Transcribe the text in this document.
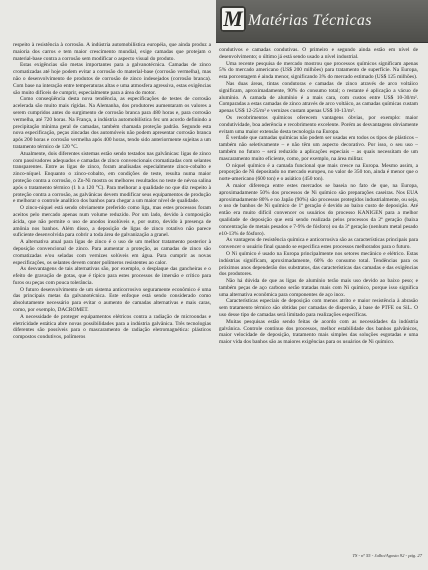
M Matérias Técnicas

respeito à resistência à corrosão. A indústria automobilística européia, que ainda produz a maioria dos carros e tem maior crescimento mundial, exige camadas que protejam o material-base contra a corrosão sem modificar o aspecto visual do produto.

Estas exigências são metas importantes para a galvanotécnica. Camadas de zinco cromatizadas até hoje podem evitar a corrosão do material-base (corrosão vermelha), mas não o desenvolvimento de produtos de corrosão de zinco indesejados (corrosão branca). Com base na interação entre temperaturas altas e uma atmosfera agressiva, estas exigências são muito difíceis de cumprir, especialmente para a área do motor.

Como conseqüência desta nova tendência, as especificações de testes de corrosão acelerada são muito mais rígidas. Na Alemanha, dos produtores aumentaram os valores a serem cumpridos antes do surgimento de corrosão branca para 480 horas e, para corrosão vermelha, até 720 horas. Na França, a indústria automobilística fez um acordo definindo a precipitação mínima geral de camadas, também chamada proteção padrão. Segundo esta nova especificação, peças zincadas dos automóveis não podem apresentar corrosão branca após 200 horas e corrosão vermelha após 400 horas, tendo sido anteriormente sujeitas a um tratamento térmico de 120 °C.

Atualmente, dois diferentes sistemas estão sendo testados nas galvânicas: ligas de zinco com passivadores adequados e camadas de zinco convencionais cromatizadas com selantes transparentes. Entre as ligas de zinco, foram analisadas especialmente zinco-cobalto e zinco-níquel. Enquanto o zinco-cobalto, em condições de teste, resulta numa maior proteção contra a corrosão, o Zn-Ni mostra os melhores resultados no teste de névoa salina após o tratamento térmico (1 h a 120 °C). Para melhorar a qualidade no que diz respeito à proteção contra a corrosão, as galvânicas devem modificar seus equipamentos de produção e melhorar o controle analítico dos banhos para chegar a um maior nível de qualidade.

O zinco-níquel está sendo obviamente preferido como liga, mas estes processos foram aceitos pelo mercado apenas num volume reduzido. Por um lado, devido à composição ácida, que não permite o uso de anodos insolúveis e, por outro, devido à presença de amônia nos banhos. Além disso, a deposição de ligas de zinco rotativo não parece suficiente desenvolvida para cobrir a toda área de galvanização a granel.

A alternativa atual para ligas de zinco é o uso de um melhor tratamento posterior à deposição convencional de zinco. Para aumentar a proteção, as camadas de zinco são cromatizadas e/ou seladas com vernizes solúveis em água. Para cumprir as novas especificações, os selantes devem conter polímeros resistentes ao calor.

As desvantagens de tais alternativas são, por exemplo, o desplaque das gancheiras e o efeito de gravação de gotas, que é típico para estes processos de imersão e crítico para furos ou peças com pouca tolerância.

O futuro desenvolvimento de um sistema anticorrosivo seguramente econômico é uma das principais metas da galvanotécnica. Este enfoque está sendo considerado como absolutamente necessário para evitar o aumento de camadas alternativas e mais caras, como, por exemplo, DACROMET.

A necessidade de proteger equipamentos elétricos contra a radiação de microondas e eletricidade estática abre novas possibilidades para a indústria galvânica. Três tecnologias diferentes são possíveis para o mascaramento de radiação eletromagnética: plásticos compostos condutivos, polímeros

condutivos e camadas condutivas. O primeiro e segundo ainda estão em nível de desenvolvimento; o último já está sendo usado a nível industrial.

Uma recente pesquisa de mercado mostrou que processos químicos significam apenas 5% do mercado americano (US$ 200 milhões) para tratamento de superfície. Na Europa, esta porcentagem é ainda menor, significando 3% do mercado estimado (US$ 125 milhões).

Nas duas áreas, tintas condutoras e camadas de zinco através de arco voltáico significam, aproximadamente, 90% do consumo total; o restante é aplicação a vácuo de alumínio. A camada de alumínio é a mais cara, com custos entre US$ 10-30/m². Comparadas a estas camadas de zinco através de arco voltáico, as camadas químicas custam apenas US$ 12-25/m² e vernizes custam apenas US$ 10-13/m².

Os recobrimentos químicos oferecem vantagens óbvias, por exemplo: maior condutividade, boa aderência e recobrimento excelente. Porém as desvantagens obviamente evitam uma maior extensão desta tecnologia na Europa.

É verdade que camadas químicas não podem ser usadas em todos os tipos de plásticos – também não seletivamente – e não têm um aspecto decorativo. Por isso, o seu uso – também no futuro – será reduzido a aplicações especiais – as quais necessitam de um mascaramento muito eficiente, como, por exemplo, na área militar.

O níquel químico é a camada funcional que mais cresce na Europa. Mesmo assim, a proporção de Ni depositado no mercado europeu, no valor de 350 ton, ainda é menor que o norte-americano (600 ton) e o asiático (450 ton).

A maior diferença entre estes mercados se baseia no fato de que, na Europa, aproximadamente 50% dos processos de Ni químico são preparações caseiras. Nos EUA aproximadamente 80% e no Japão (90%) são processos protegidos industrialmente, ou seja, o uso de banhos de Ni químico de 1ª geração é devido ao baixo custo de deposição. Até então era muito difícil convencer os usuários do processo KANIGEN para a melhor qualidade de deposição que está sendo realizada pelos processos da 2ª geração (baixa concentração de metais pesados e 7-9% de fósforo) ou da 3ª geração (nenhum metal pesado e10-13% de fósforo).

As vantagens de resistência química e anticorrosiva são as características principais para convencer o usuário final quando se especifica estes processos melhorados para o futuro.

O Ni químico é usado na Europa principalmente nos setores mecânico e elétrico. Estas indústrias significam, aproximadamente, 60% do consumo total. Tendências para os próximos anos dependerão dos substratos, das características das camadas e das exigências dos produtores.

Não há dúvida de que as ligas de alumínio terão mais uso devido ao baixo peso; e também peças de aço carbono serão tratadas mais com Ni químico, porque isso significa uma alternativa econômica para componentes de aço inox.

Características especiais de deposição com menos atrito e maior resistência à abrasão sem tratamento térmico são obtidas por camadas de dispersão, à base de PTFE ou SiL. O uso desse tipo de camadas será limitado para realizações específicas.

Muitas pesquisas estão sendo feitas de acordo com as necessidades da indústria galvânica. Controle contínuo dos processos, melhor estabilidade dos banhos galvânicos, maior velocidade de deposição, tratamento mais simples das soluções esgotadas e uma maior vida dos banhos são as maiores exigências para os usuários de Ni químico.

TS - nº 55 - Julho/Agosto 92 - pág. 27
